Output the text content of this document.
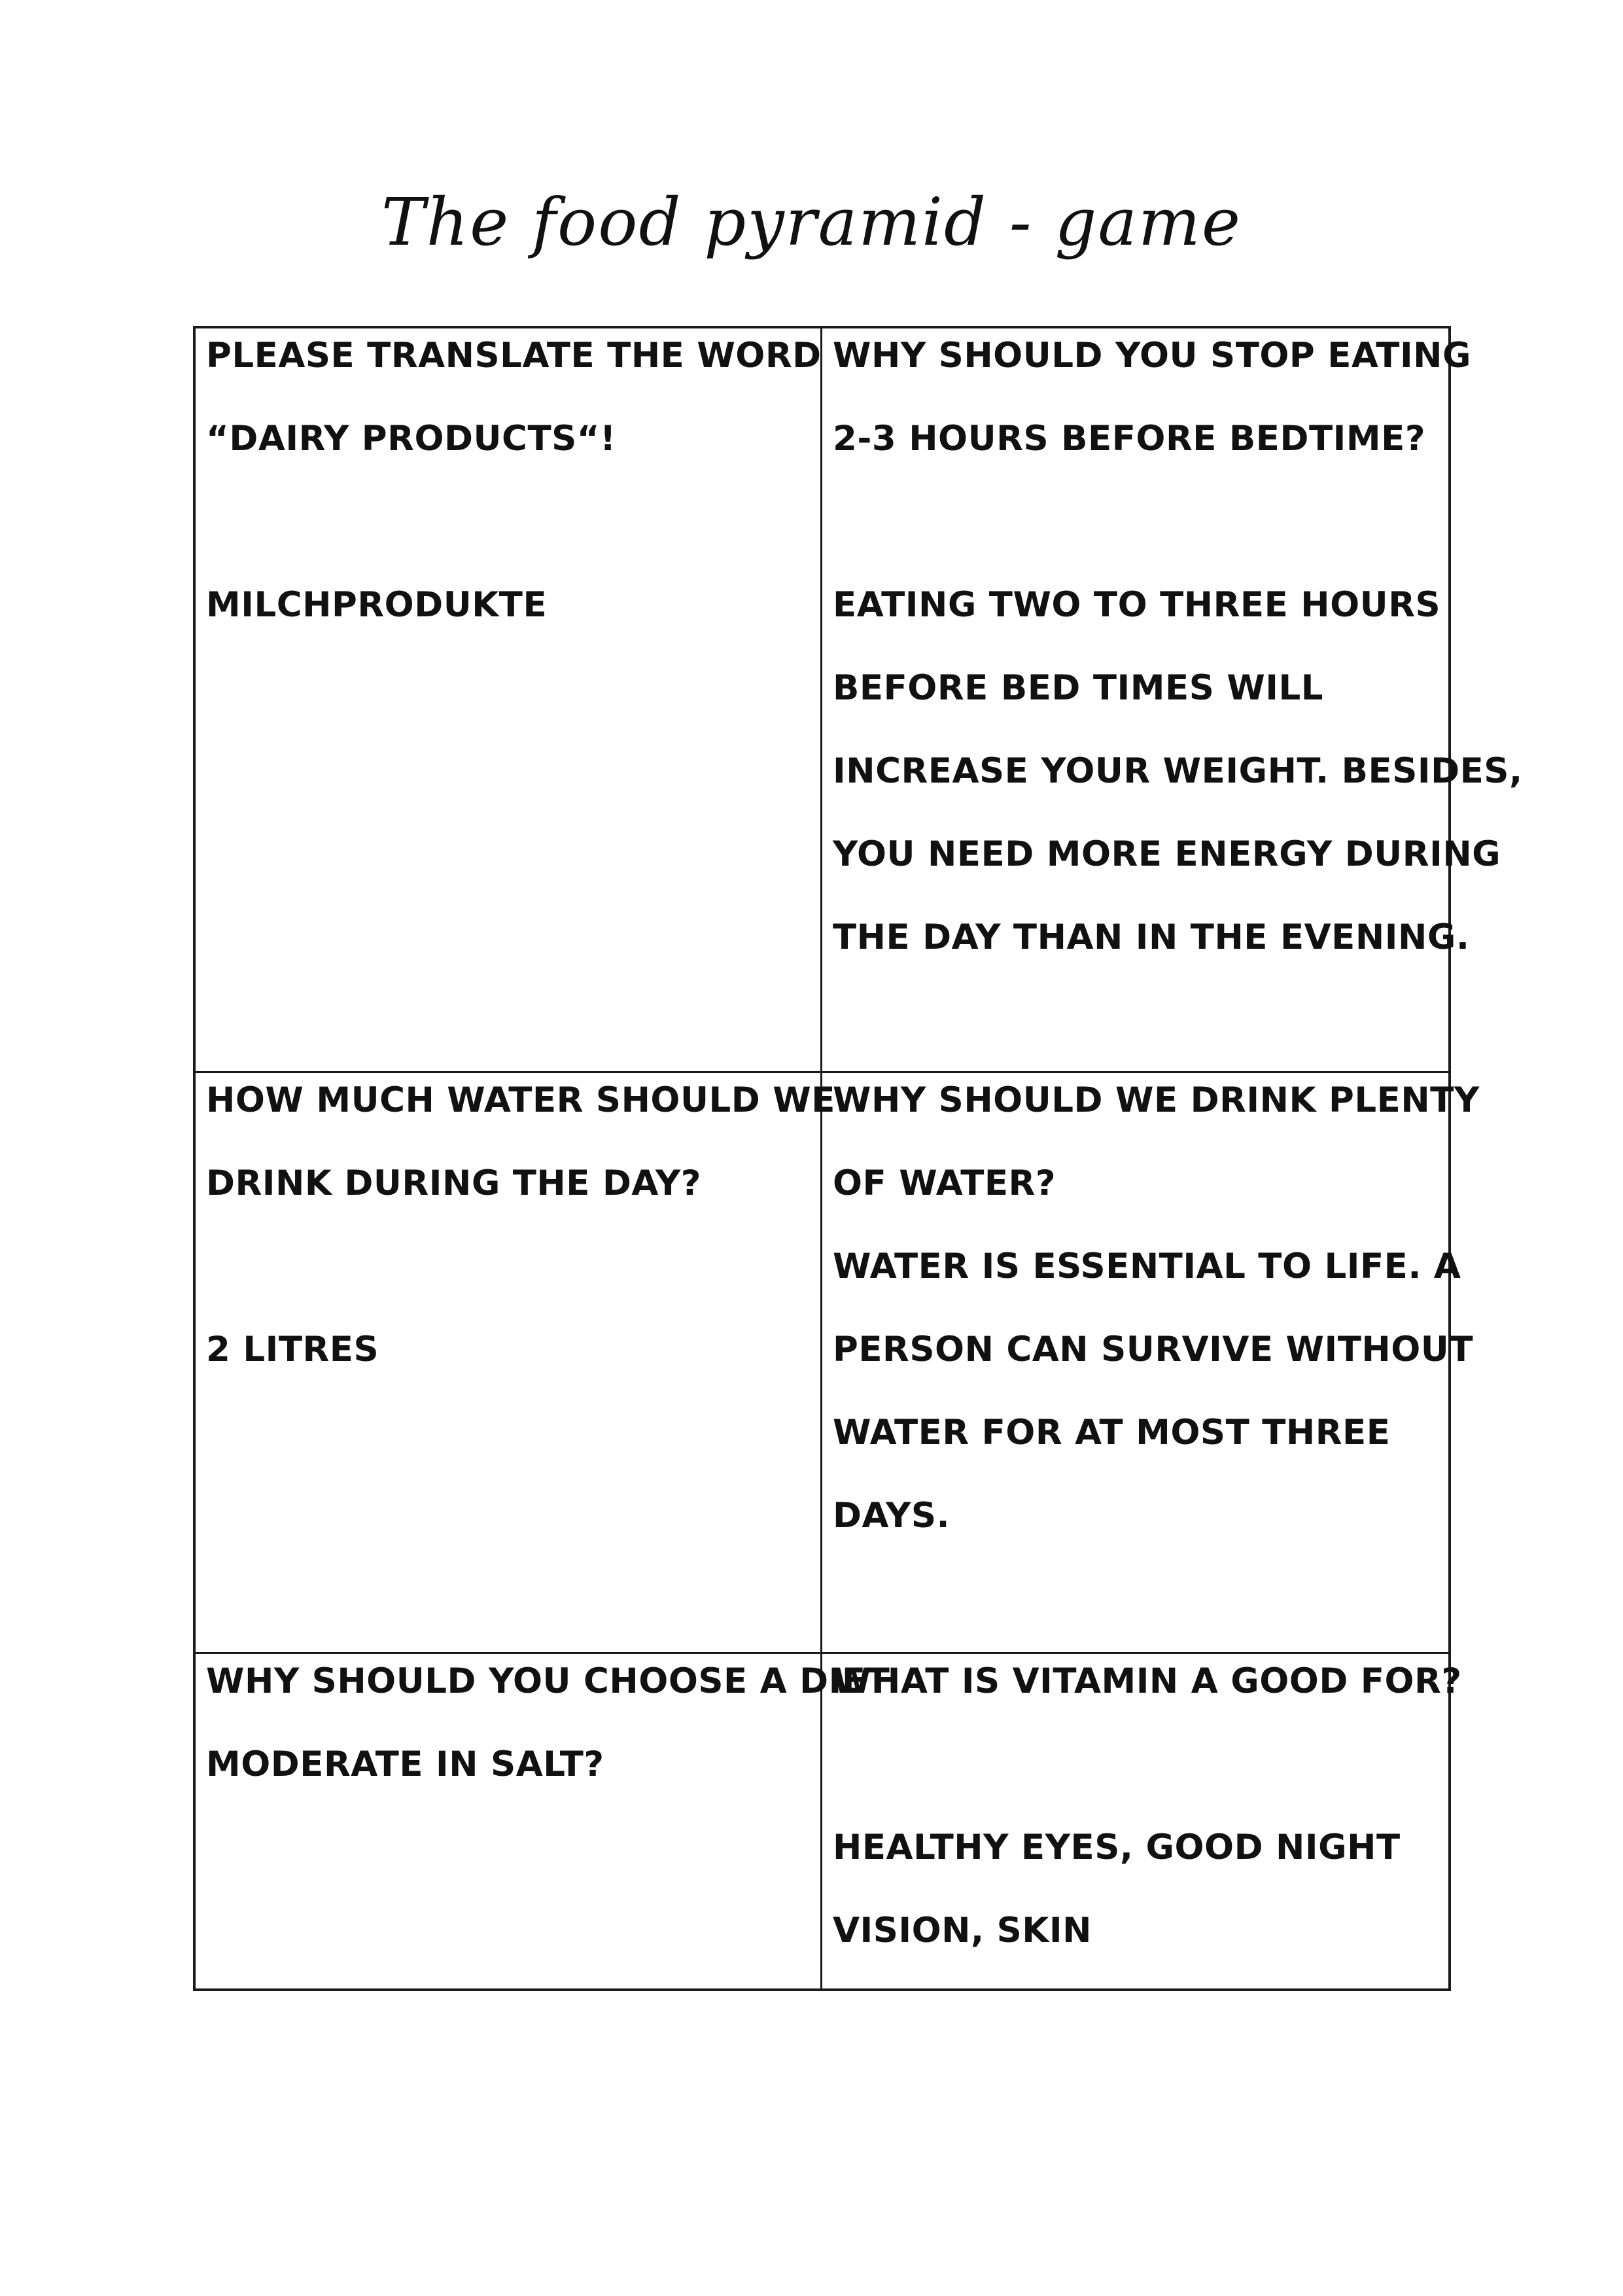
The food pyramid - game
PLEASE TRANSLATE THE WORD
“DAIRY PRODUCTS“!
MILCHPRODUKTE
WHY SHOULD YOU STOP EATING
2-3 HOURS BEFORE BEDTIME?
EATING TWO TO THREE HOURS
BEFORE BED TIMES WILL
INCREASE YOUR WEIGHT. BESIDES,
YOU NEED MORE ENERGY DURING
THE DAY THAN IN THE EVENING.
HOW MUCH WATER SHOULD WE
DRINK DURING THE DAY?
2 LITRES
WHY SHOULD WE DRINK PLENTY
OF WATER?
WATER IS ESSENTIAL TO LIFE. A
PERSON CAN SURVIVE WITHOUT
WATER FOR AT MOST THREE
DAYS.
WHY SHOULD YOU CHOOSE A DIET
MODERATE IN SALT?
WHAT IS VITAMIN A GOOD FOR?
HEALTHY EYES, GOOD NIGHT
VISION, SKIN
